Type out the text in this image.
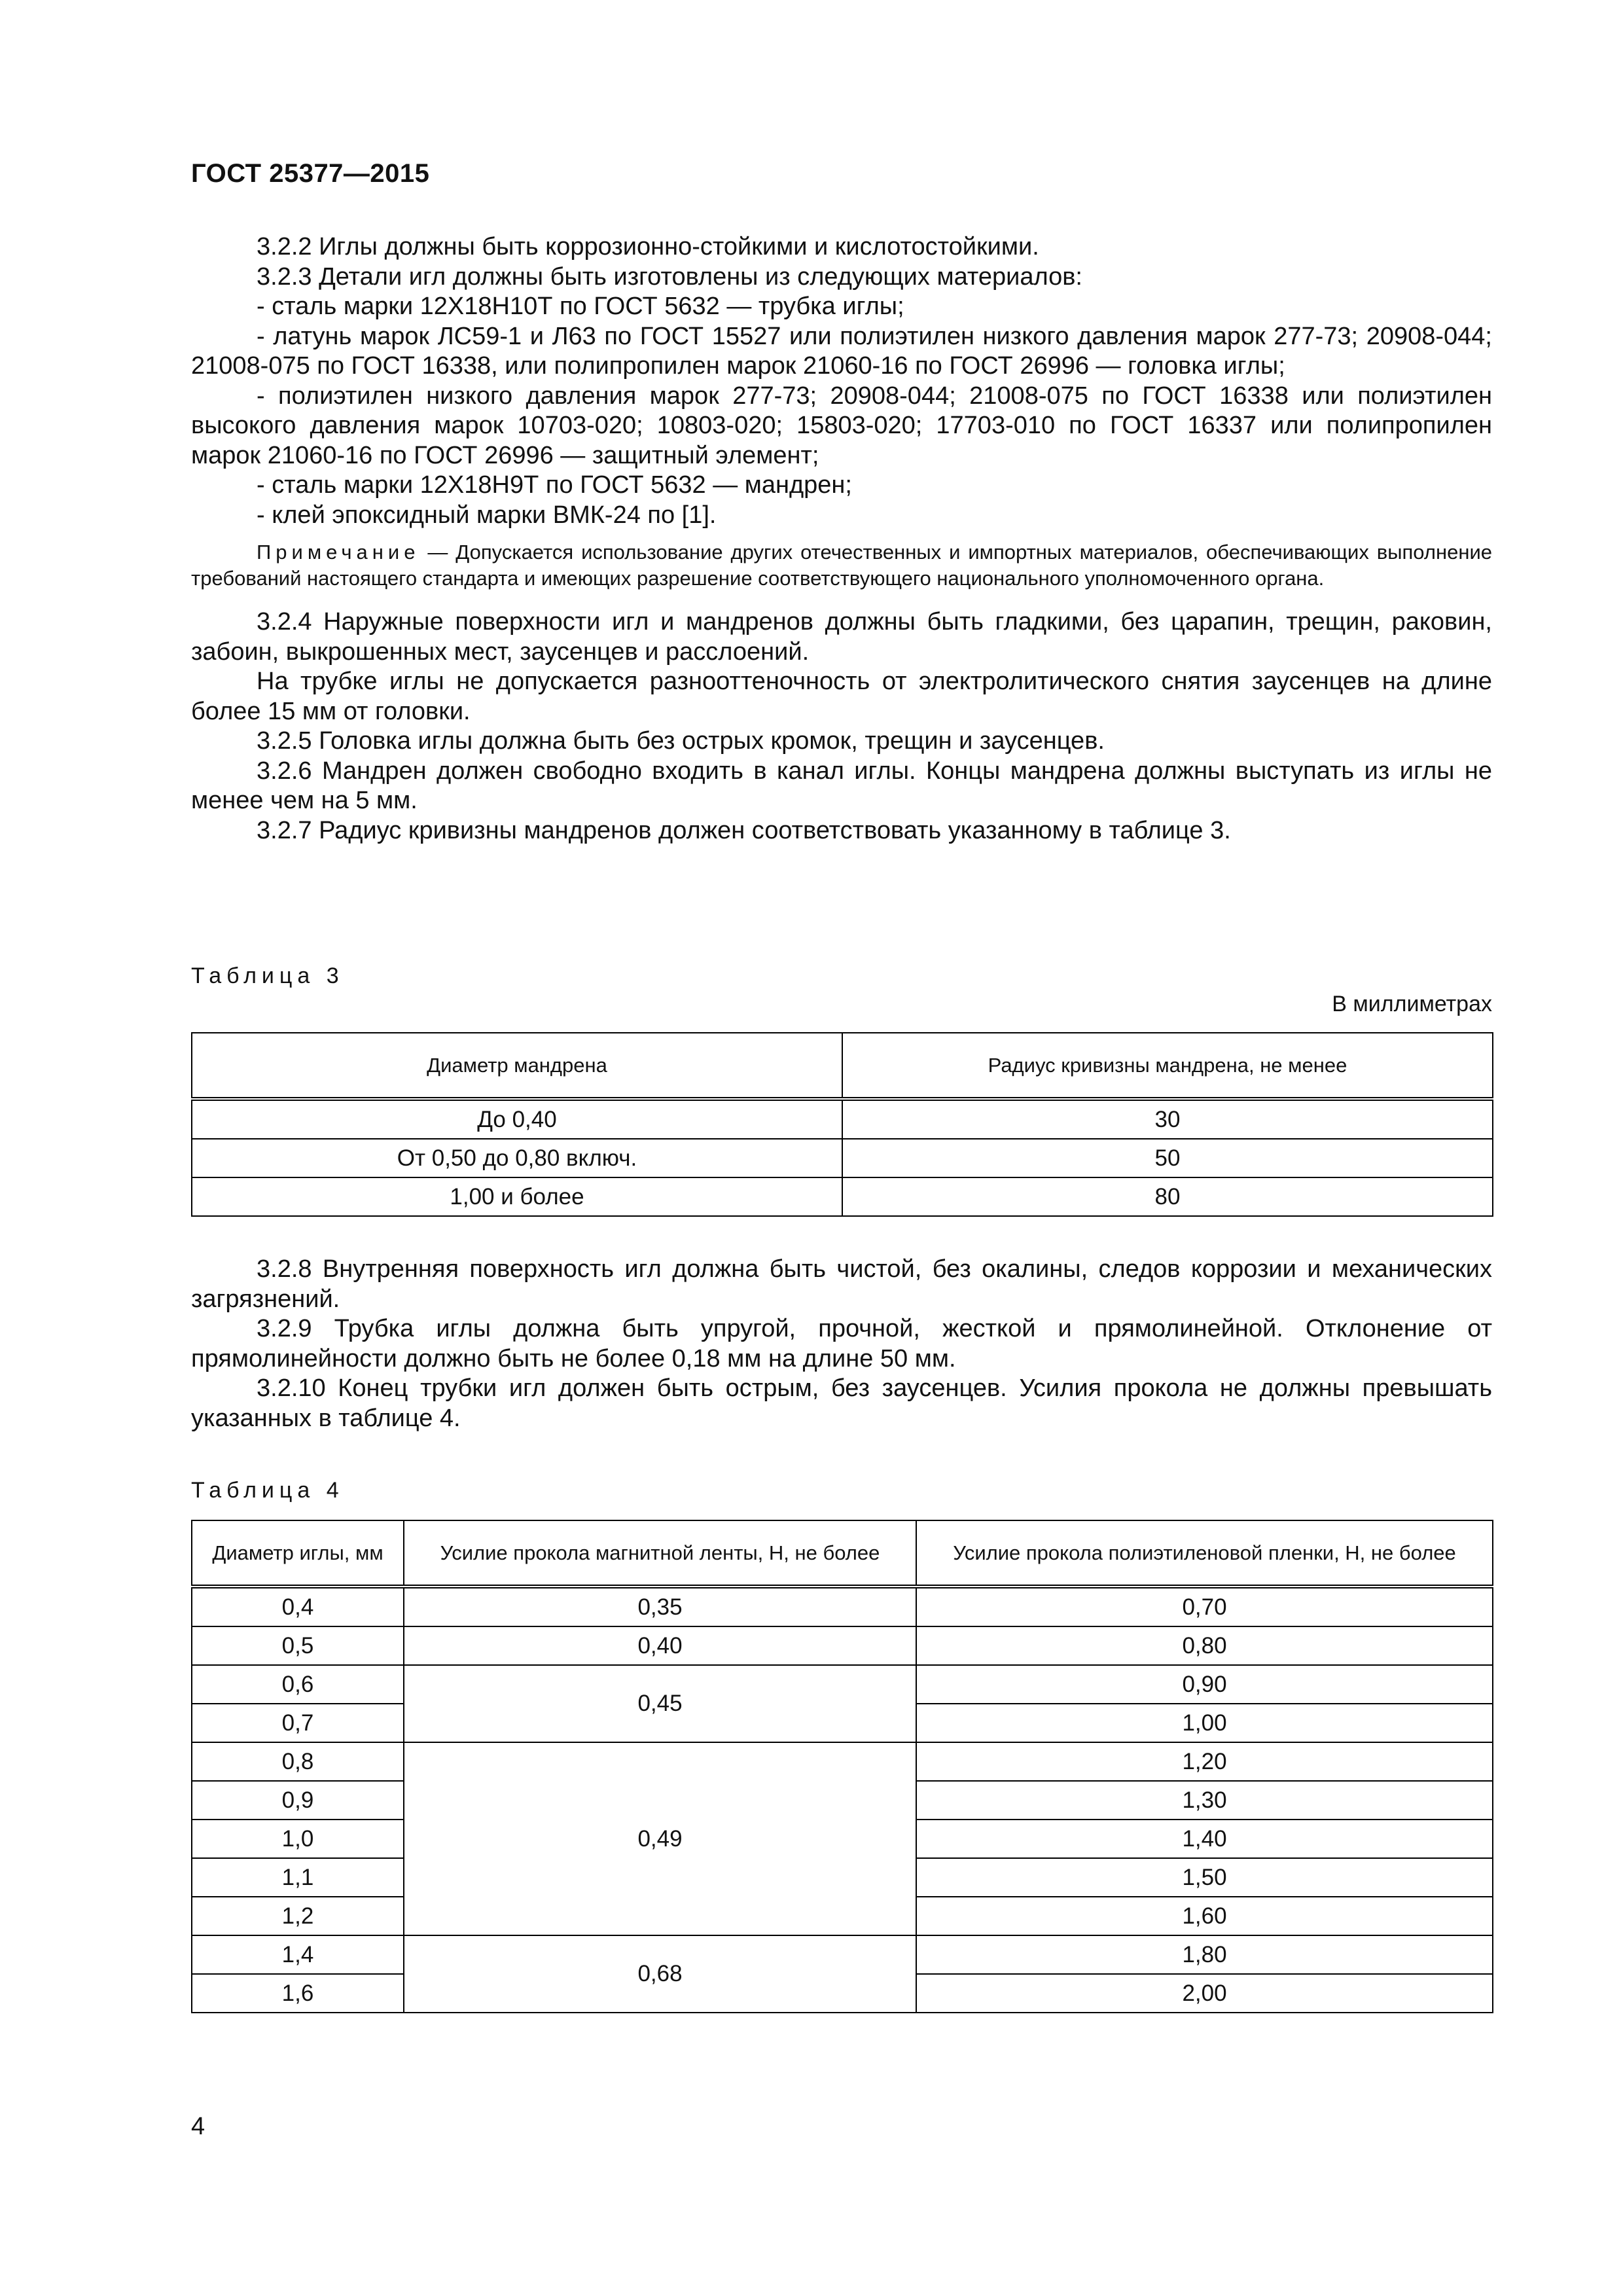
ГОСТ 25377—2015

3.2.2 Иглы должны быть коррозионно-стойкими и кислотостойкими.

3.2.3 Детали игл должны быть изготовлены из следующих материалов:

- сталь марки 12Х18Н10Т по ГОСТ 5632 — трубка иглы;

- латунь марок ЛС59-1 и Л63 по ГОСТ 15527 или полиэтилен низкого давления марок 277-73; 20908-044; 21008-075 по ГОСТ 16338, или полипропилен марок 21060-16 по ГОСТ 26996 — головка иглы;

- полиэтилен низкого давления марок 277-73; 20908-044; 21008-075 по ГОСТ 16338 или полиэтилен высокого давления марок 10703-020; 10803-020; 15803-020; 17703-010 по ГОСТ 16337 или полипропилен марок 21060-16 по ГОСТ 26996 — защитный элемент;

- сталь марки 12Х18Н9Т по ГОСТ 5632 — мандрен;

- клей эпоксидный марки ВМК-24 по [1].

Примечание — Допускается использование других отечественных и импортных материалов, обеспечивающих выполнение требований настоящего стандарта и имеющих разрешение соответствующего национального уполномоченного органа.

3.2.4 Наружные поверхности игл и мандренов должны быть гладкими, без царапин, трещин, раковин, забоин, выкрошенных мест, заусенцев и расслоений.

На трубке иглы не допускается разнооттеночность от электролитического снятия заусенцев на длине более 15 мм от головки.

3.2.5 Головка иглы должна быть без острых кромок, трещин и заусенцев.

3.2.6 Мандрен должен свободно входить в канал иглы. Концы мандрена должны выступать из иглы не менее чем на 5 мм.

3.2.7 Радиус кривизны мандренов должен соответствовать указанному в таблице 3.

Таблица 3
В миллиметрах
Диаметр мандрена	Радиус кривизны мандрена, не менее
До 0,40	30
От 0,50 до 0,80 включ.	50
1,00 и более	80

3.2.8 Внутренняя поверхность игл должна быть чистой, без окалины, следов коррозии и механических загрязнений.

3.2.9 Трубка иглы должна быть упругой, прочной, жесткой и прямолинейной. Отклонение от прямолинейности должно быть не более 0,18 мм на длине 50 мм.

3.2.10 Конец трубки игл должен быть острым, без заусенцев. Усилия прокола не должны превышать указанных в таблице 4.

Таблица 4
Диаметр иглы, мм	Усилие прокола магнитной ленты, Н, не более	Усилие прокола полиэтиленовой пленки, Н, не более
0,4	0,35	0,70
0,5	0,40	0,80
0,6	0,45	0,90
0,7		1,00
0,8	0,49	1,20
0,9		1,30
1,0		1,40
1,1		1,50
1,2		1,60
1,4	0,68	1,80
1,6		2,00
4
